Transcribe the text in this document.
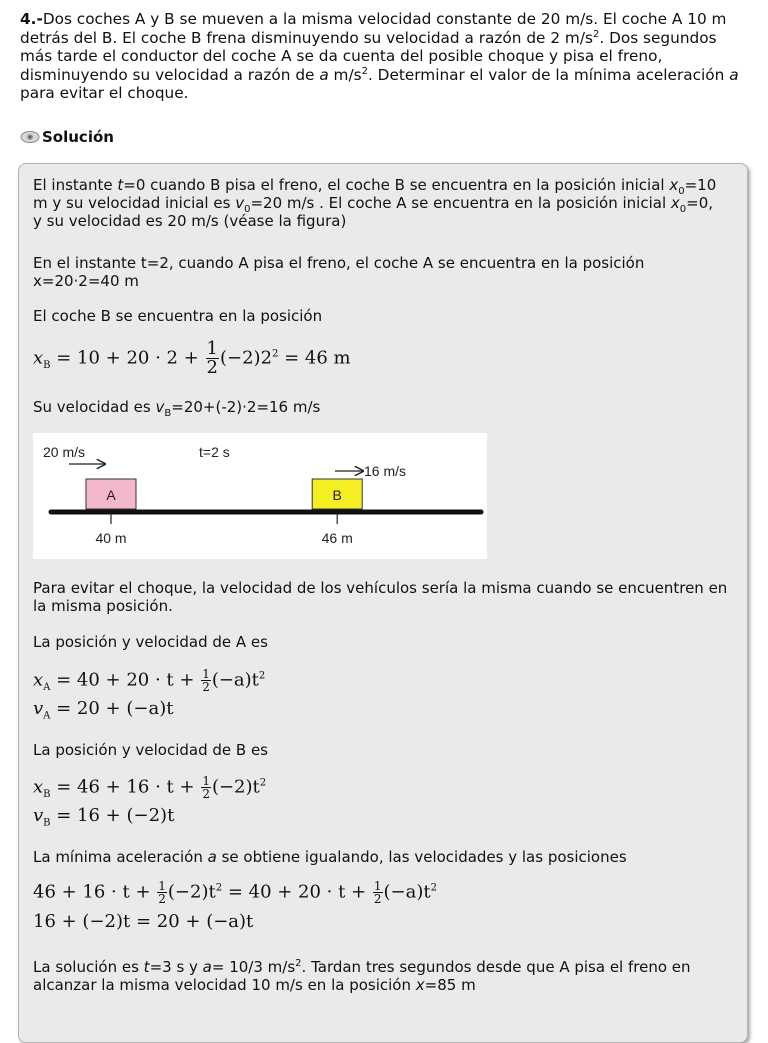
4.-Dos coches A y B se mueven a la misma velocidad constante de 20 m/s. El coche A 10 m
detrás del B. El coche B frena disminuyendo su velocidad a razón de 2 $m/s^2$. Dos segundos
más tarde el conductor del coche A se da cuenta del posible choque y pisa el freno,
disminuyendo su velocidad a razón de a $m/s^2$. Determinar el valor de la mínima aceleración a
para evitar el choque.
Solución
El instante t=0 cuando B pisa el freno, el coche B se encuentra en la posición inicial $x_0=10$
m y su velocidad inicial es $v_0=20$ m/s . El coche A se encuentra en la posición inicial $x_0=0$,
y su velocidad es 20 m/s (véase la figura)
En el instante t=2, cuando A pisa el freno, el coche A se encuentra en la posición
x=20·2=40 m
El coche B se encuentra en la posición
$x_B = 10 + 20 \cdot 2 + \frac{1}{2} (-2)2^2 = 46$ m
Su velocidad es $v_B=20+(-2)\cdot 2=16$ m/s
20 m/s	t=2 s
16 m/s
A	B
40 m	46 m
Para evitar el choque, la velocidad de los vehículos sería la misma cuando se encuentren en
la misma posición.
La posición y velocidad de A es
$x_A = 40 + 20 \cdot t + \frac{1}{2} (-a)t^2$
$v_A = 20 + (-a)t$
La posición y velocidad de B es
$x_B = 46 + 16 \cdot t + \frac{1}{2} (-2)t^2$
$v_B = 16 + (-2)t$
La mínima aceleración a se obtiene igualando, las velocidades y las posiciones
$46 + 16 \cdot t + \frac{1}{2} (-2)t^2 = 40 + 20 \cdot t + \frac{1}{2} (-a)t^2$
16 + (−2)t = 20 + (−a)t
La solución es t=3 s y a= 10/3 $m/s^2$. Tardan tres segundos desde que A pisa el freno en
alcanzar la misma velocidad 10 m/s en la posición x=85 m
